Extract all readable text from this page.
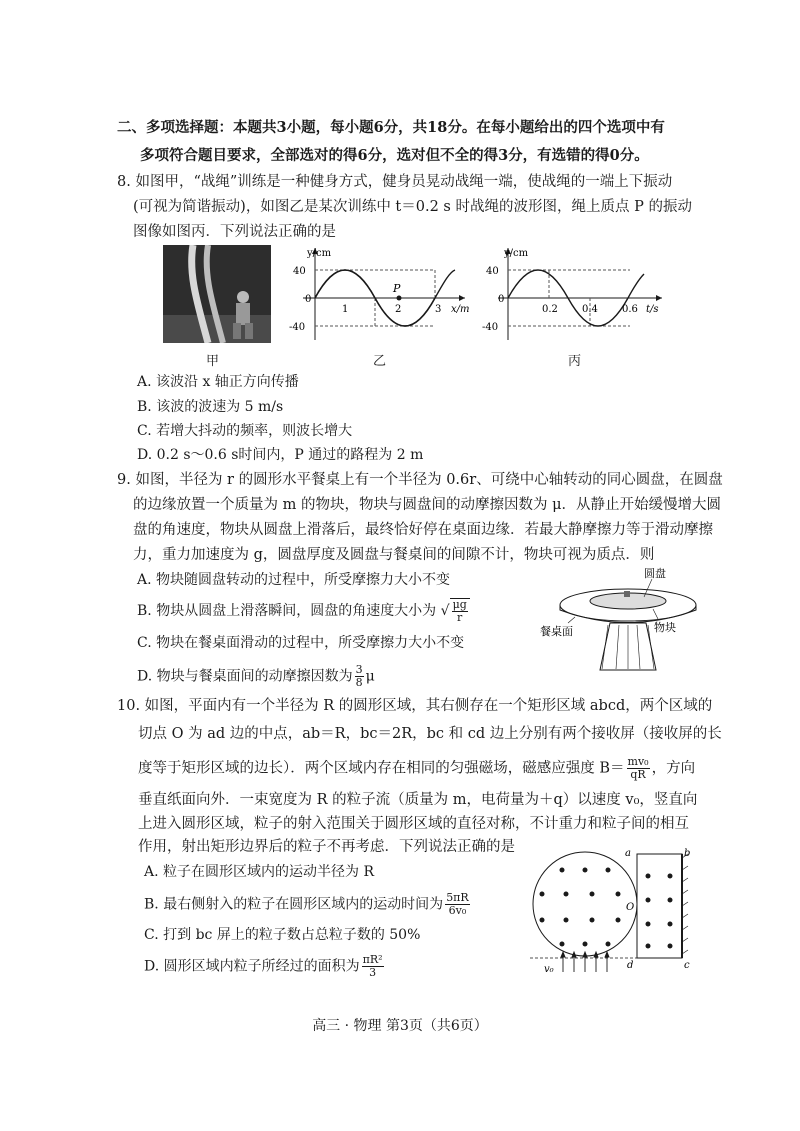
二、多项选择题：本题共3小题，每小题6分，共18分。在每小题给出的四个选项中有
多项符合题目要求，全部选对的得6分，选对但不全的得3分，有选错的得0分。
8. 如图甲，“战绳”训练是一种健身方式，健身员晃动战绳一端，使战绳的一端上下振动
(可视为简谐振动)，如图乙是某次训练中 t＝0.2 s 时战绳的波形图，绳上质点 P 的振动
图像如图丙．下列说法正确的是
甲
y/cm
40
0
-40
1	2	3
P
x/m
乙
y/cm
40
0
-40
0.2 0.4 0.6 t/s
丙
A. 该波沿 x 轴正方向传播
B. 该波的波速为 5 m/s
C. 若增大抖动的频率，则波长增大
D. 0.2 s～0.6 s时间内，P 通过的路程为 2 m
9. 如图，半径为 r 的圆形水平餐桌上有一个半径为 0.6r、可绕中心轴转动的同心圆盘，在圆盘
的边缘放置一个质量为 m 的物块，物块与圆盘间的动摩擦因数为 μ．从静止开始缓慢增大圆
盘的角速度，物块从圆盘上滑落后，最终恰好停在桌面边缘．若最大静摩擦力等于滑动摩擦
力，重力加速度为 g，圆盘厚度及圆盘与餐桌间的间隙不计，物块可视为质点．则
A. 物块随圆盘转动的过程中，所受摩擦力大小不变
B. 物块从圆盘上滑落瞬间，圆盘的角速度大小为 √ $\frac{\mu g}{r}$
C. 物块在餐桌面滑动的过程中，所受摩擦力大小不变
D. 物块与餐桌面间的动摩擦因数为 $\frac{3}{8}$ μ
圆盘
餐桌面	物块
10. 如图，平面内有一个半径为 R 的圆形区域，其右侧存在一个矩形区域 abcd，两个区域的
切点 O 为 ad 边的中点，ab＝R，bc＝2R，bc 和 cd 边上分别有两个接收屏（接收屏的长
度等于矩形区域的边长）．两个区域内存在相同的匀强磁场，磁感应强度 $B= \frac{\text{mv₀}}{qR}$ ，方向
垂直纸面向外．一束宽度为 R 的粒子流（质量为 m，电荷量为＋q）以速度 v₀，竖直向
上进入圆形区域，粒子的射入范围关于圆形区域的直径对称，不计重力和粒子间的相互
作用，射出矩形边界后的粒子不再考虑．下列说法正确的是
A. 粒子在圆形区域内的运动半径为 R
B. 最右侧射入的粒子在圆形区域内的运动时间为 $\frac{5\pi R}{\text{6v₀}}$
C. 打到 bc 屏上的粒子数占总粒子数的 50%
D. 圆形区域内粒子所经过的面积为 $\frac{\text{πR²}}{3}$
a	b
c
d
O
v₀
高三 · 物理 第3页（共6页）
